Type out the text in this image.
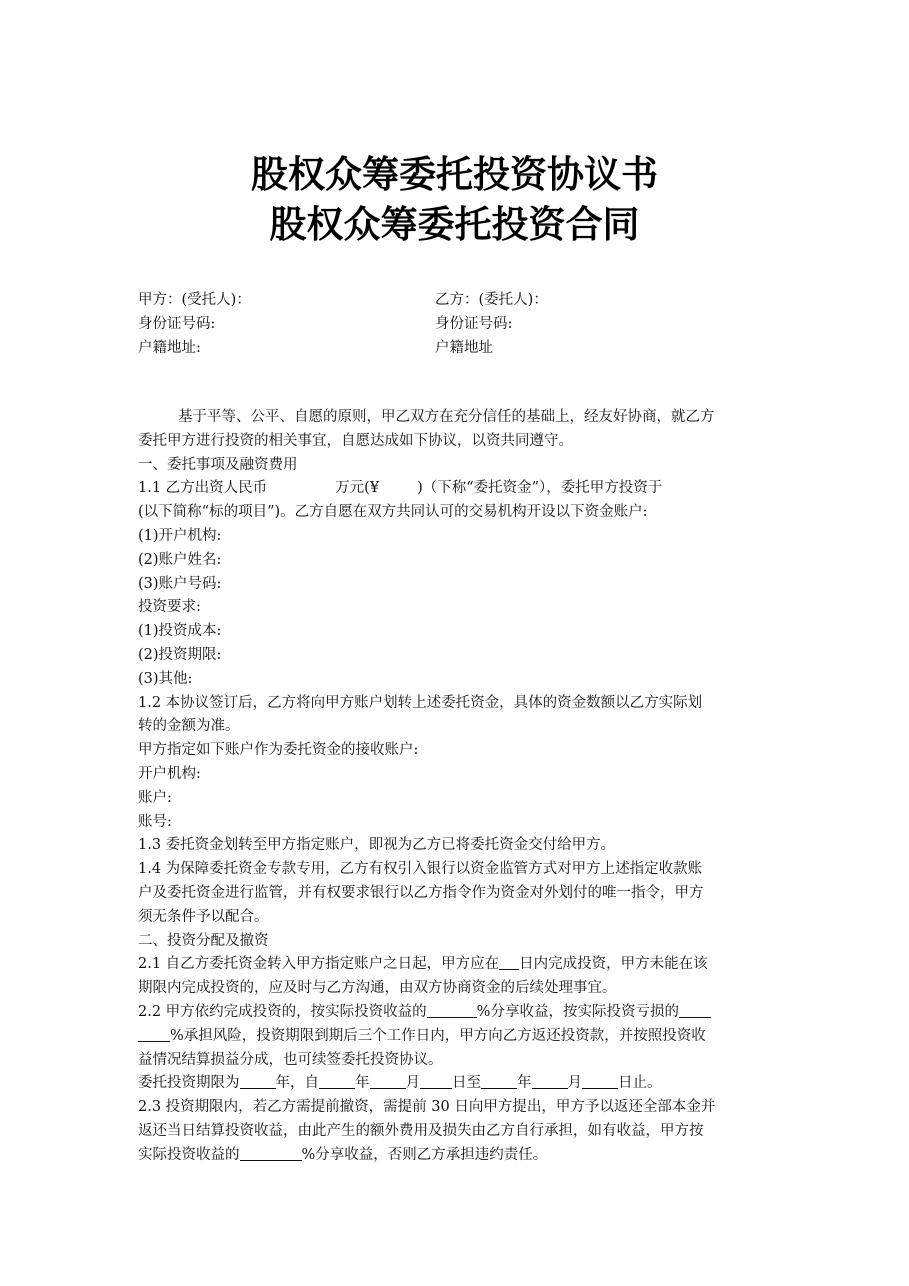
股权众筹委托投资协议书
股权众筹委托投资合同
甲方：(受托人)：	乙方：(委托人)：
身份证号码:	身份证号码:
户籍地址:	户籍地址
基于平等、公平、自愿的原则，甲乙双方在充分信任的基础上，经友好协商，就乙方
委托甲方进行投资的相关事宜，自愿达成如下协议，以资共同遵守。
一、委托事项及融资费用
1.1 乙方出资人民币	万元(¥	)（下称“委托资金”），委托甲方投资于
(以下简称“标的项目”)。乙方自愿在双方共同认可的交易机构开设以下资金账户:
(1)开户机构:
(2)账户姓名:
(3)账户号码:
投资要求:
(1)投资成本:
(2)投资期限:
(3)其他:
1.2 本协议签订后，乙方将向甲方账户划转上述委托资金，具体的资金数额以乙方实际划
转的金额为准。
甲方指定如下账户作为委托资金的接收账户:
开户机构:
账户:
账号:
1.3 委托资金划转至甲方指定账户，即视为乙方已将委托资金交付给甲方。
1.4 为保障委托资金专款专用，乙方有权引入银行以资金监管方式对甲方上述指定收款账
户及委托资金进行监管，并有权要求银行以乙方指令作为资金对外划付的唯一指令，甲方
须无条件予以配合。
二、投资分配及撤资
2.1 自乙方委托资金转入甲方指定账户之日起，甲方应在 日内完成投资，甲方未能在该
期限内完成投资的，应及时与乙方沟通，由双方协商资金的后续处理事宜。
2.2 甲方依约完成投资的，按实际投资收益的	%分享收益，按实际投资亏损的
%承担风险，投资期限到期后三个工作日内，甲方向乙方返还投资款，并按照投资收
益情况结算损益分成，也可续签委托投资协议。
委托投资期限为 年，自 年 月 日至 年 月 日止。
2.3 投资期限内，若乙方需提前撤资，需提前 30 日向甲方提出，甲方予以返还全部本金并
返还当日结算投资收益，由此产生的额外费用及损失由乙方自行承担，如有收益，甲方按
实际投资收益的	%分享收益，否则乙方承担违约责任。
